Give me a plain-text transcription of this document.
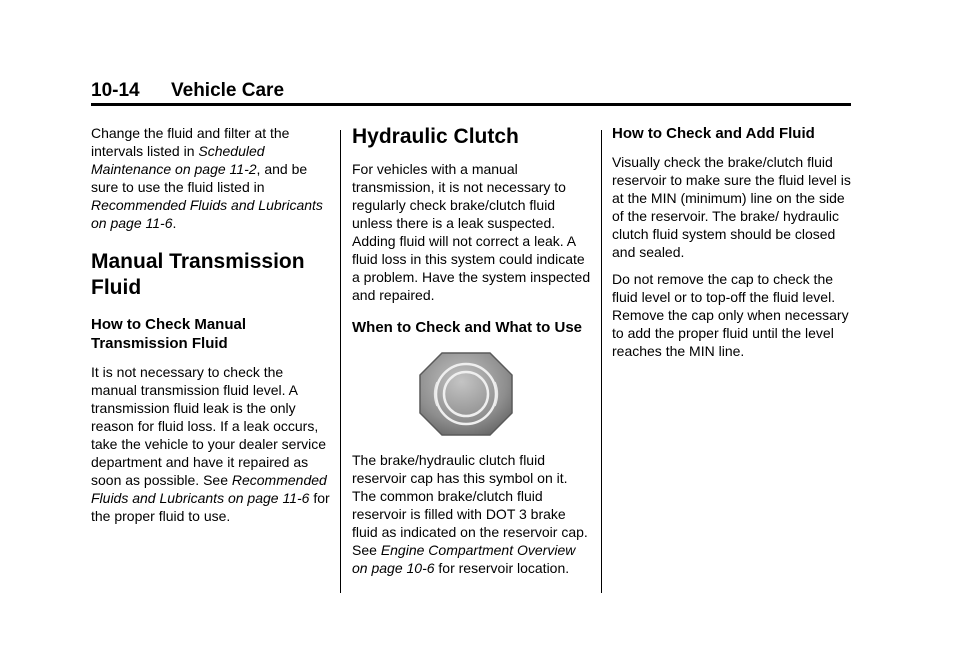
10-14 Vehicle Care

Change the fluid and filter at the intervals listed in Scheduled Maintenance on page 11-2, and be sure to use the fluid listed in Recommended Fluids and Lubricants on page 11-6.

Manual Transmission Fluid
How to Check Manual Transmission Fluid

It is not necessary to check the manual transmission fluid level. A transmission fluid leak is the only reason for fluid loss. If a leak occurs, take the vehicle to your dealer service department and have it repaired as soon as possible. See Recommended Fluids and Lubricants on page 11-6 for the proper fluid to use.

Hydraulic Clutch

For vehicles with a manual transmission, it is not necessary to regularly check brake/clutch fluid unless there is a leak suspected. Adding fluid will not correct a leak. A fluid loss in this system could indicate a problem. Have the system inspected and repaired.

When to Check and What to Use

The brake/hydraulic clutch fluid reservoir cap has this symbol on it. The common brake/clutch fluid reservoir is filled with DOT 3 brake fluid as indicated on the reservoir cap. See Engine Compartment Overview on page 10-6 for reservoir location.

How to Check and Add Fluid

Visually check the brake/clutch fluid reservoir to make sure the fluid level is at the MIN (minimum) line on the side of the reservoir. The brake/ hydraulic clutch fluid system should be closed and sealed.

Do not remove the cap to check the fluid level or to top-off the fluid level. Remove the cap only when necessary to add the proper fluid until the level reaches the MIN line.
